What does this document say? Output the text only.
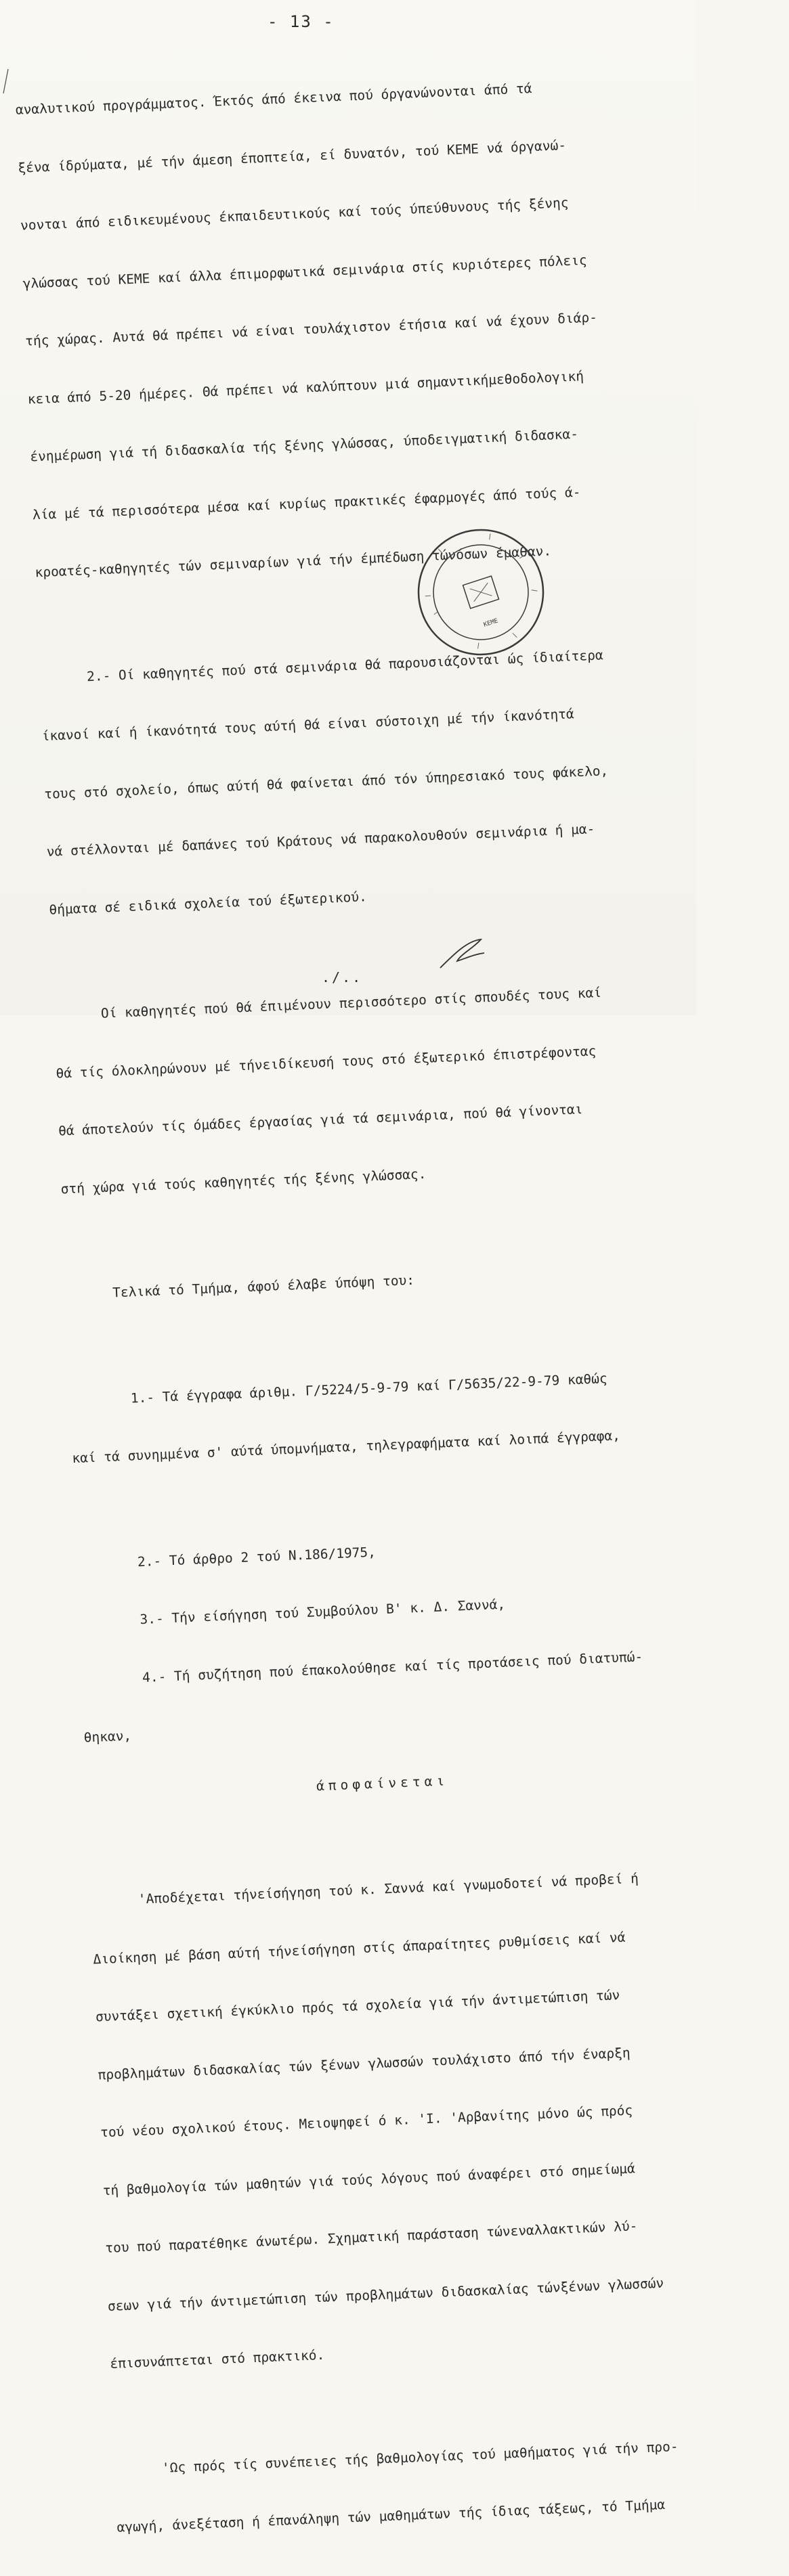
- 13 -

αναλυτικού προγράμματος. Έκτός άπό έκεινα πού όργανώνονται άπό τά

ξένα ίδρύματα, μέ τήν άμεση έποπτεία, εί δυνατόν, τού ΚΕΜΕ νά όργανώ-

νονται άπό ειδικευμένους έκπαιδευτικούς καί τούς ύπεύθυνους τής ξένης

γλώσσας τού ΚΕΜΕ καί άλλα έπιμορφωτικά σεμινάρια στίς κυριότερες πόλεις

τής χώρας. Αυτά θά πρέπει νά είναι τουλάχιστον έτήσια καί νά έχουν διάρ-

κεια άπό 5-20 ήμέρες. Θά πρέπει νά καλύπτουν μιά σημαντικήμεθοδολογική

ένημέρωση γιά τή διδασκαλία τής ξένης γλώσσας, ύποδειγματική διδασκα-

λία μέ τά περισσότερα μέσα καί κυρίως πρακτικές έφαρμογές άπό τούς ά-

κροατές-καθηγητές τών σεμιναρίων γιά τήν έμπέδωση τώνόσων έμαθαν.

2.- Οί καθηγητές πού στά σεμινάρια θά παρουσιάζονται ώς ίδιαίτερα

ίκανοί καί ή ίκανότητά τους αύτή θά είναι σύστοιχη μέ τήν ίκανότητά

τους στό σχολείο, όπως αύτή θά φαίνεται άπό τόν ύπηρεσιακό τους φάκελο,

νά στέλλονται μέ δαπάνες τού Κράτους νά παρακολουθούν σεμινάρια ή μα-

θήματα σέ ειδικά σχολεία τού έξωτερικού.

Οί καθηγητές πού θά έπιμένουν περισσότερο στίς σπουδές τους καί

θά τίς όλοκληρώνουν μέ τήνειδίκευσή τους στό έξωτερικό έπιστρέφοντας

θά άποτελούν τίς όμάδες έργασίας γιά τά σεμινάρια, πού θά γίνονται

στή χώρα γιά τούς καθηγητές τής ξένης γλώσσας.

Τελικά τό Τμήμα, άφού έλαβε ύπόψη του:

1.- Τά έγγραφα άριθμ. Γ/5224/5-9-79 καί Γ/5635/22-9-79 καθώς

καί τά συνημμένα σ' αύτά ύπομνήματα, τηλεγραφήματα καί λοιπά έγγραφα,

2.- Τό άρθρο 2 τού Ν.186/1975,

3.- Τήν είσήγηση τού Συμβούλου Β' κ. Δ. Σαννά,

4.- Τή συζήτηση πού έπακολούθησε καί τίς προτάσεις πού διατυπώ-

θηκαν,

άποφαίνεται

'Αποδέχεται τήνείσήγηση τού κ. Σαννά καί γνωμοδοτεί νά προβεί ή

Διοίκηση μέ βάση αύτή τήνείσήγηση στίς άπαραίτητες ρυθμίσεις καί νά

συντάξει σχετική έγκύκλιο πρός τά σχολεία γιά τήν άντιμετώπιση τών

προβλημάτων διδασκαλίας τών ξένων γλωσσών τουλάχιστο άπό τήν έναρξη

τού νέου σχολικού έτους. Μειοψηφεί ό κ. 'Ι. 'Αρβανίτης μόνο ώς πρός

τή βαθμολογία τών μαθητών γιά τούς λόγους πού άναφέρει στό σημείωμά

του πού παρατέθηκε άνωτέρω. Σχηματική παράσταση τώνεναλλακτικών λύ-

σεων γιά τήν άντιμετώπιση τών προβλημάτων διδασκαλίας τώνξένων γλωσσών

έπισυνάπτεται στό πρακτικό.

'Ως πρός τίς συνέπειες τής βαθμολογίας τού μαθήματος γιά τήν προ-

αγωγή, άνεξέταση ή έπανάληψη τών μαθημάτων τής ίδιας τάξεως, τό Τμήμα

ΚΕΜΕ
./..
